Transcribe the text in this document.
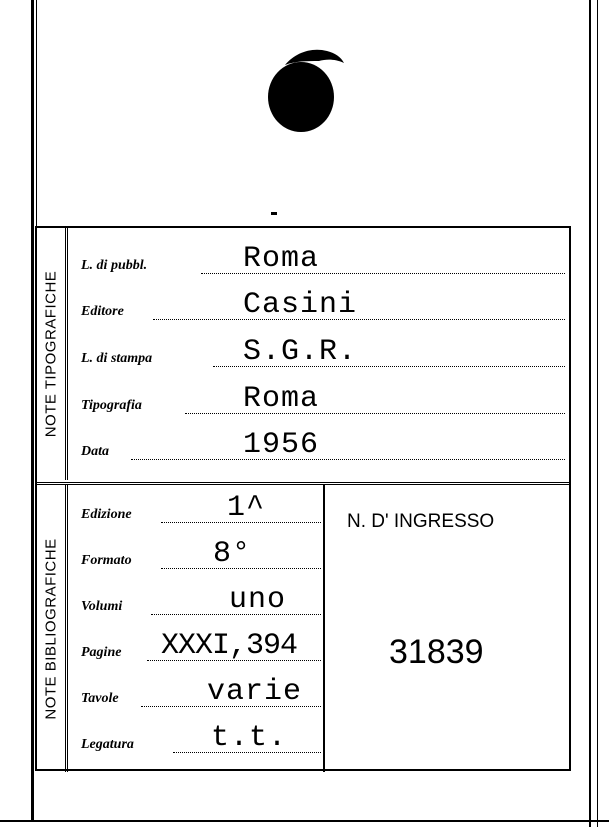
NOTE TIPOGRAFICHE
L. di pubbl.	Roma
Editore	Casini
L. di stampa	S.G.R.
Tipografia	Roma
Data	1956
NOTE BIBLIOGRAFICHE
Edizione	1^
Formato	8°
Volumi	uno
Pagine XXXI,394
Tavole	varie
Legatura	t.t.
N. D' INGRESSO
31839
